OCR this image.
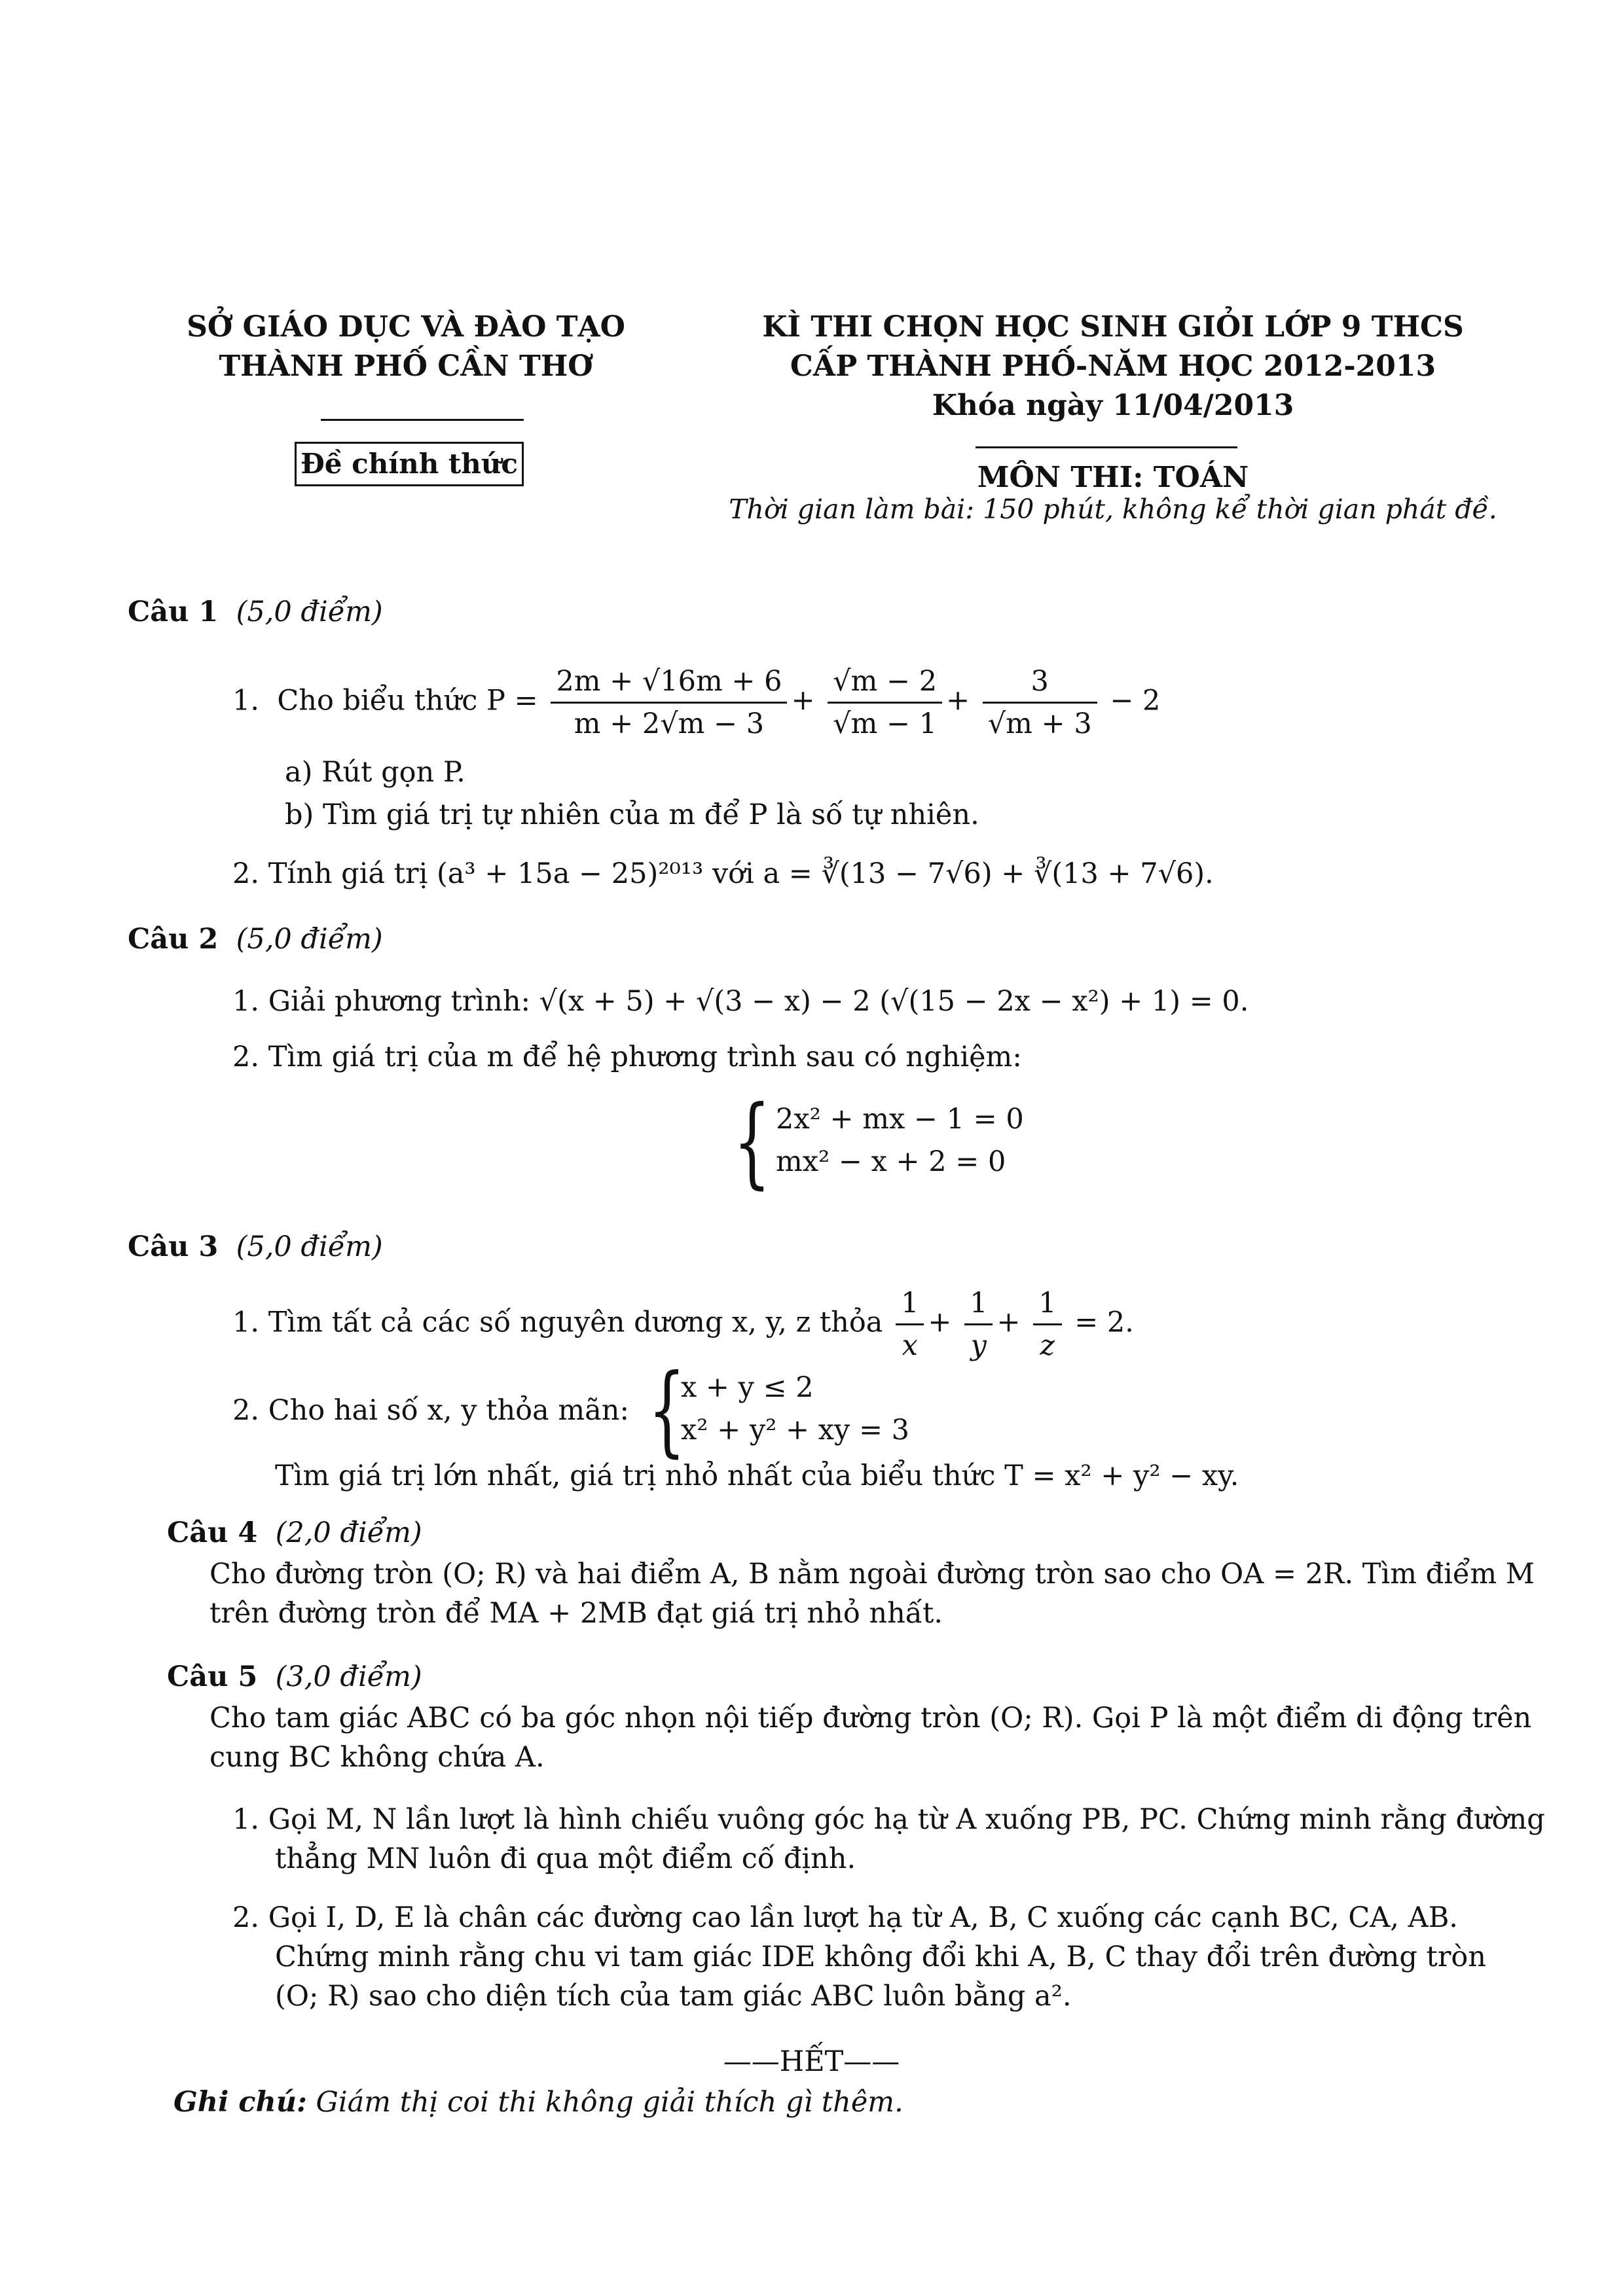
SỞ GIÁO DỤC VÀ ĐÀO TẠO
THÀNH PHỐ CẦN THƠ
Đề chính thức
KÌ THI CHỌN HỌC SINH GIỎI LỚP 9 THCS
CẤP THÀNH PHỐ-NĂM HỌC 2012-2013
Khóa ngày 11/04/2013
MÔN THI: TOÁN
Thời gian làm bài: 150 phút, không kể thời gian phát đề.
Câu 1 (5,0 điểm)
1. Cho biểu thức $P = \frac{2m + √16m + 6}{m + 2√m - 3} + \frac{√m - 2}{√m - 1} + \frac{3}{√m + 3} - 2$
a) Rút gọn P.
b) Tìm giá trị tự nhiên của m để P là số tự nhiên.
2. Tính giá trị (a³ + 15a − 25)²⁰¹³ với a = ∛(13 − 7√6) + ∛(13 + 7√6).
Câu 2 (5,0 điểm)
1. Giải phương trình: √(x + 5) + √(3 − x) − 2 (√(15 − 2x − x²) + 1) = 0.
2. Tìm giá trị của m để hệ phương trình sau có nghiệm:
{ 2x² + mx − 1 = 0
mx² − x + 2 = 0
Câu 3 (5,0 điểm)
1. Tìm tất cả các số nguyên dương x, y, z thỏa $\frac{1}{x} + \frac{1}{y} + \frac{1}{z} = 2$.
2. Cho hai số x, y thỏa mãn: {
x + y ≤ 2
x² + y² + xy = 3
Tìm giá trị lớn nhất, giá trị nhỏ nhất của biểu thức T = x² + y² − xy.
Câu 4 (2,0 điểm)
Cho đường tròn (O; R) và hai điểm A, B nằm ngoài đường tròn sao cho OA = 2R. Tìm điểm M
trên đường tròn để MA + 2MB đạt giá trị nhỏ nhất.
Câu 5 (3,0 điểm)
Cho tam giác ABC có ba góc nhọn nội tiếp đường tròn (O; R). Gọi P là một điểm di động trên
cung BC không chứa A.
1. Gọi M, N lần lượt là hình chiếu vuông góc hạ từ A xuống PB, PC. Chứng minh rằng đường
thẳng MN luôn đi qua một điểm cố định.
2. Gọi I, D, E là chân các đường cao lần lượt hạ từ A, B, C xuống các cạnh BC, CA, AB.
Chứng minh rằng chu vi tam giác IDE không đổi khi A, B, C thay đổi trên đường tròn
(O; R) sao cho diện tích của tam giác ABC luôn bằng a².
——HẾT——
Ghi chú: Giám thị coi thi không giải thích gì thêm.
